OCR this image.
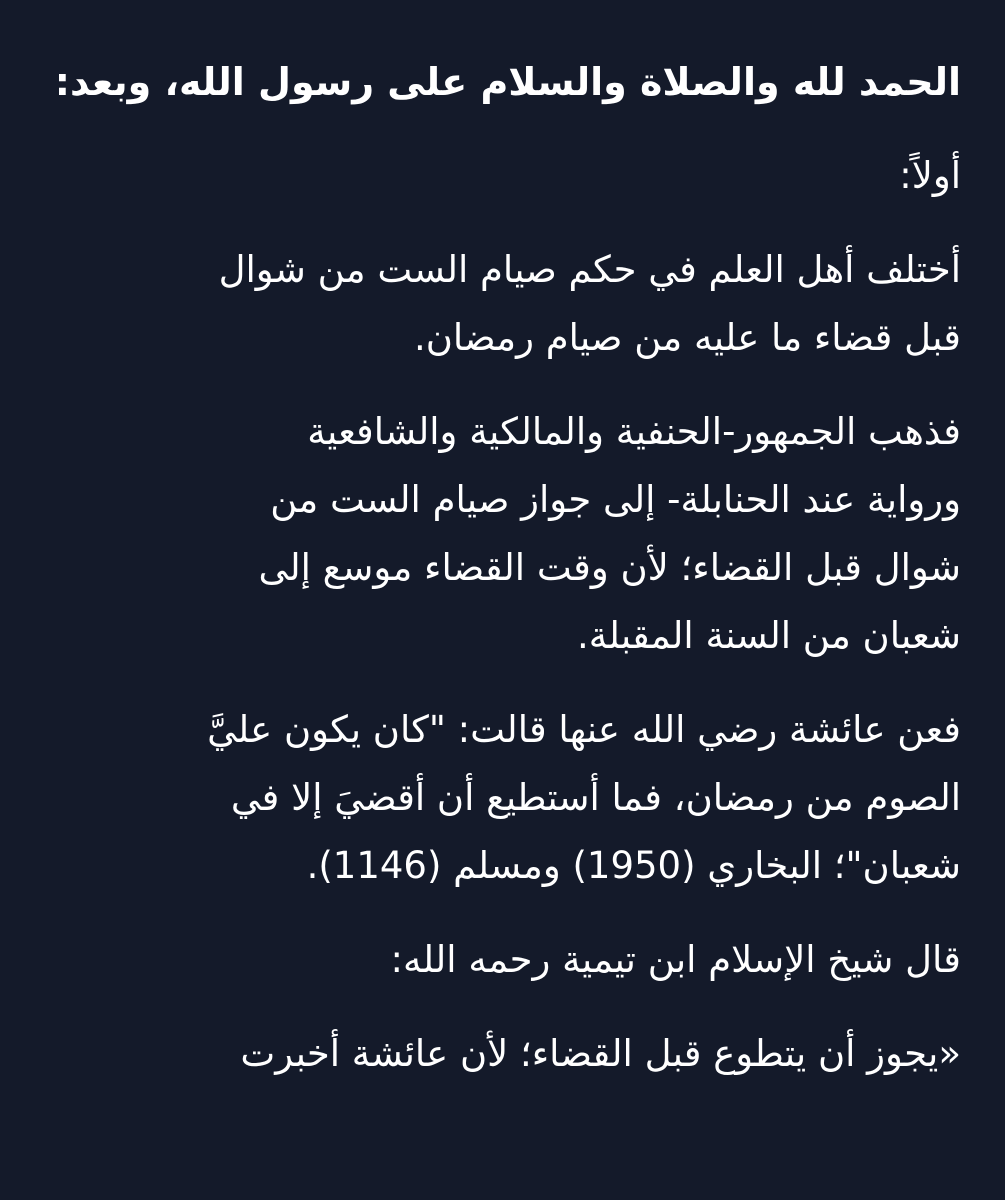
الحمد لله والصلاة والسلام على رسول الله، وبعد:
أولاً:
أختلف أهل العلم في حكم صيام الست من شوال
قبل قضاء ما عليه من صيام رمضان.
فذهب الجمهور-الحنفية والمالكية والشافعية
ورواية عند الحنابلة- إلى جواز صيام الست من
شوال قبل القضاء؛ لأن وقت القضاء موسع إلى
شعبان من السنة المقبلة.
فعن عائشة رضي الله عنها قالت: "كان يكون عليَّ
الصوم من رمضان، فما أستطيع أن أقضيَ إلا في
شعبان"؛ البخاري (1950) ومسلم (1146).
قال شيخ الإسلام ابن تيمية رحمه الله:
«يجوز أن يتطوع قبل القضاء؛ لأن عائشة أخبرت
